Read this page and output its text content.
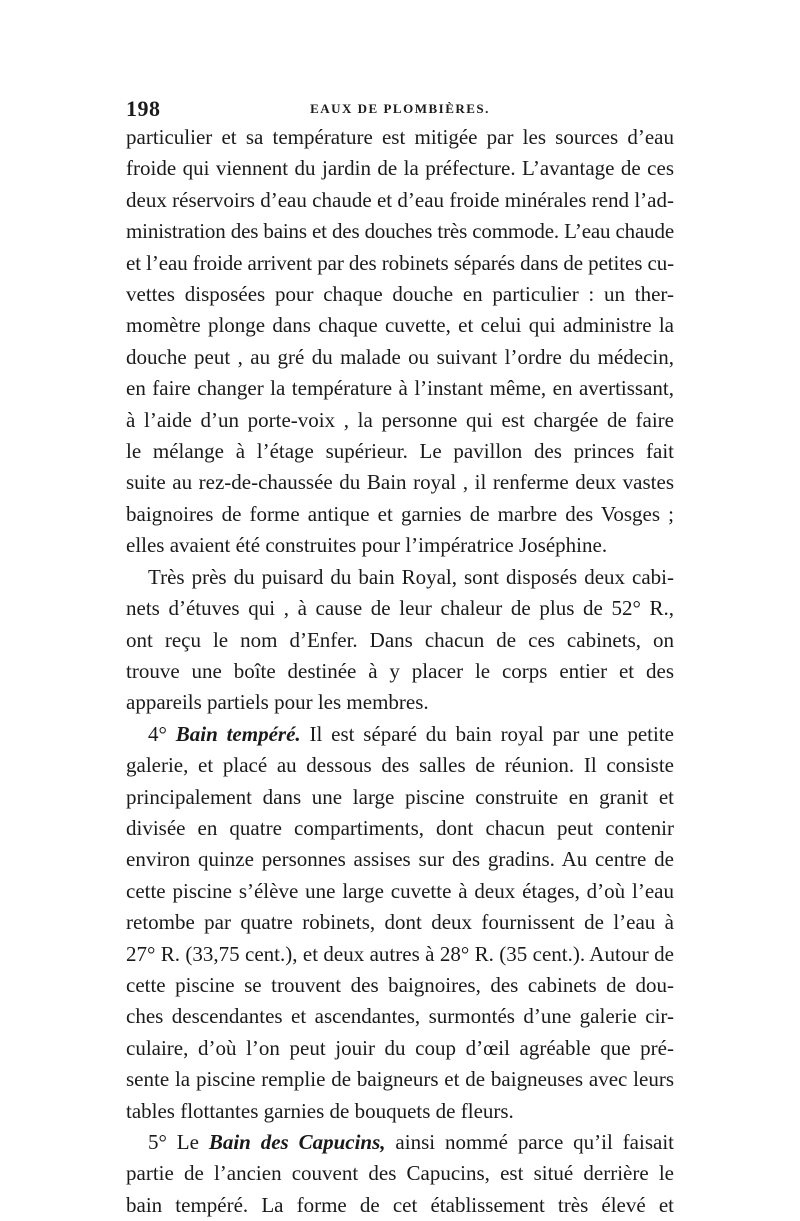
198	EAUX DE PLOMBIÈRES.
particulier et sa température est mitigée par les sources d’eau
froide qui viennent du jardin de la préfecture. L’avantage de ces
deux réservoirs d’eau chaude et d’eau froide minérales rend l’ad-
ministration des bains et des douches très commode. L’eau chaude
et l’eau froide arrivent par des robinets séparés dans de petites cu-
vettes disposées pour chaque douche en particulier : un ther-
momètre plonge dans chaque cuvette, et celui qui administre la
douche peut , au gré du malade ou suivant l’ordre du médecin,
en faire changer la température à l’instant même, en avertissant,
à l’aide d’un porte-voix , la personne qui est chargée de faire
le mélange à l’étage supérieur. Le pavillon des princes fait
suite au rez-de-chaussée du Bain royal , il renferme deux vastes
baignoires de forme antique et garnies de marbre des Vosges ;
elles avaient été construites pour l’impératrice Joséphine.
Très près du puisard du bain Royal, sont disposés deux cabi-
nets d’étuves qui , à cause de leur chaleur de plus de 52° R.,
ont reçu le nom d’Enfer. Dans chacun de ces cabinets, on
trouve une boîte destinée à y placer le corps entier et des
appareils partiels pour les membres.
4° Bain tempéré. Il est séparé du bain royal par une petite
galerie, et placé au dessous des salles de réunion. Il consiste
principalement dans une large piscine construite en granit et
divisée en quatre compartiments, dont chacun peut contenir
environ quinze personnes assises sur des gradins. Au centre de
cette piscine s’élève une large cuvette à deux étages, d’où l’eau
retombe par quatre robinets, dont deux fournissent de l’eau à
27° R. (33,75 cent.), et deux autres à 28° R. (35 cent.). Autour de
cette piscine se trouvent des baignoires, des cabinets de dou-
ches descendantes et ascendantes, surmontés d’une galerie cir-
culaire, d’où l’on peut jouir du coup d’œil agréable que pré-
sente la piscine remplie de baigneurs et de baigneuses avec leurs
tables flottantes garnies de bouquets de fleurs.
5° Le Bain des Capucins, ainsi nommé parce qu’il faisait
partie de l’ancien couvent des Capucins, est situé derrière le
bain tempéré. La forme de cet établissement très élevé et
